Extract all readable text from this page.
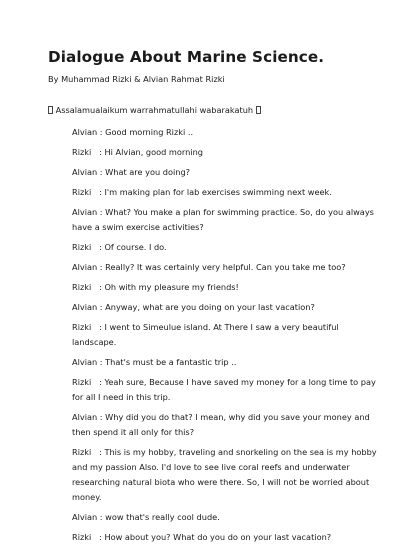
Dialogue About Marine Science.
By Muhammad Rizki & Alvian Rahmat Rizki
Assalamualaikum warrahmatullahi wabarakatuh

Alvian : Good morning Rizki ..

Rizki   : Hi Alvian, good morning

Alvian : What are you doing?

Rizki   : I'm making plan for lab exercises swimming next week.

Alvian : What? You make a plan for swimming practice. So, do you always have a swim exercise activities?

Rizki   : Of course. I do.

Alvian : Really? It was certainly very helpful. Can you take me too?

Rizki   : Oh with my pleasure my friends!

Alvian : Anyway, what are you doing on your last vacation?

Rizki   : I went to Simeulue island. At There I saw a very beautiful landscape.

Alvian : That's must be a fantastic trip ..

Rizki   : Yeah sure, Because I have saved my money for a long time to pay for all I need in this trip.

Alvian : Why did you do that? I mean, why did you save your money and then spend it all only for this?

Rizki   : This is my hobby, traveling and snorkeling on the sea is my hobby and my passion Also. I'd love to see live coral reefs and underwater researching natural biota who were there. So, I will not be worried about money.

Alvian : wow that's really cool dude.

Rizki   : How about you? What do you do on your last vacation?
